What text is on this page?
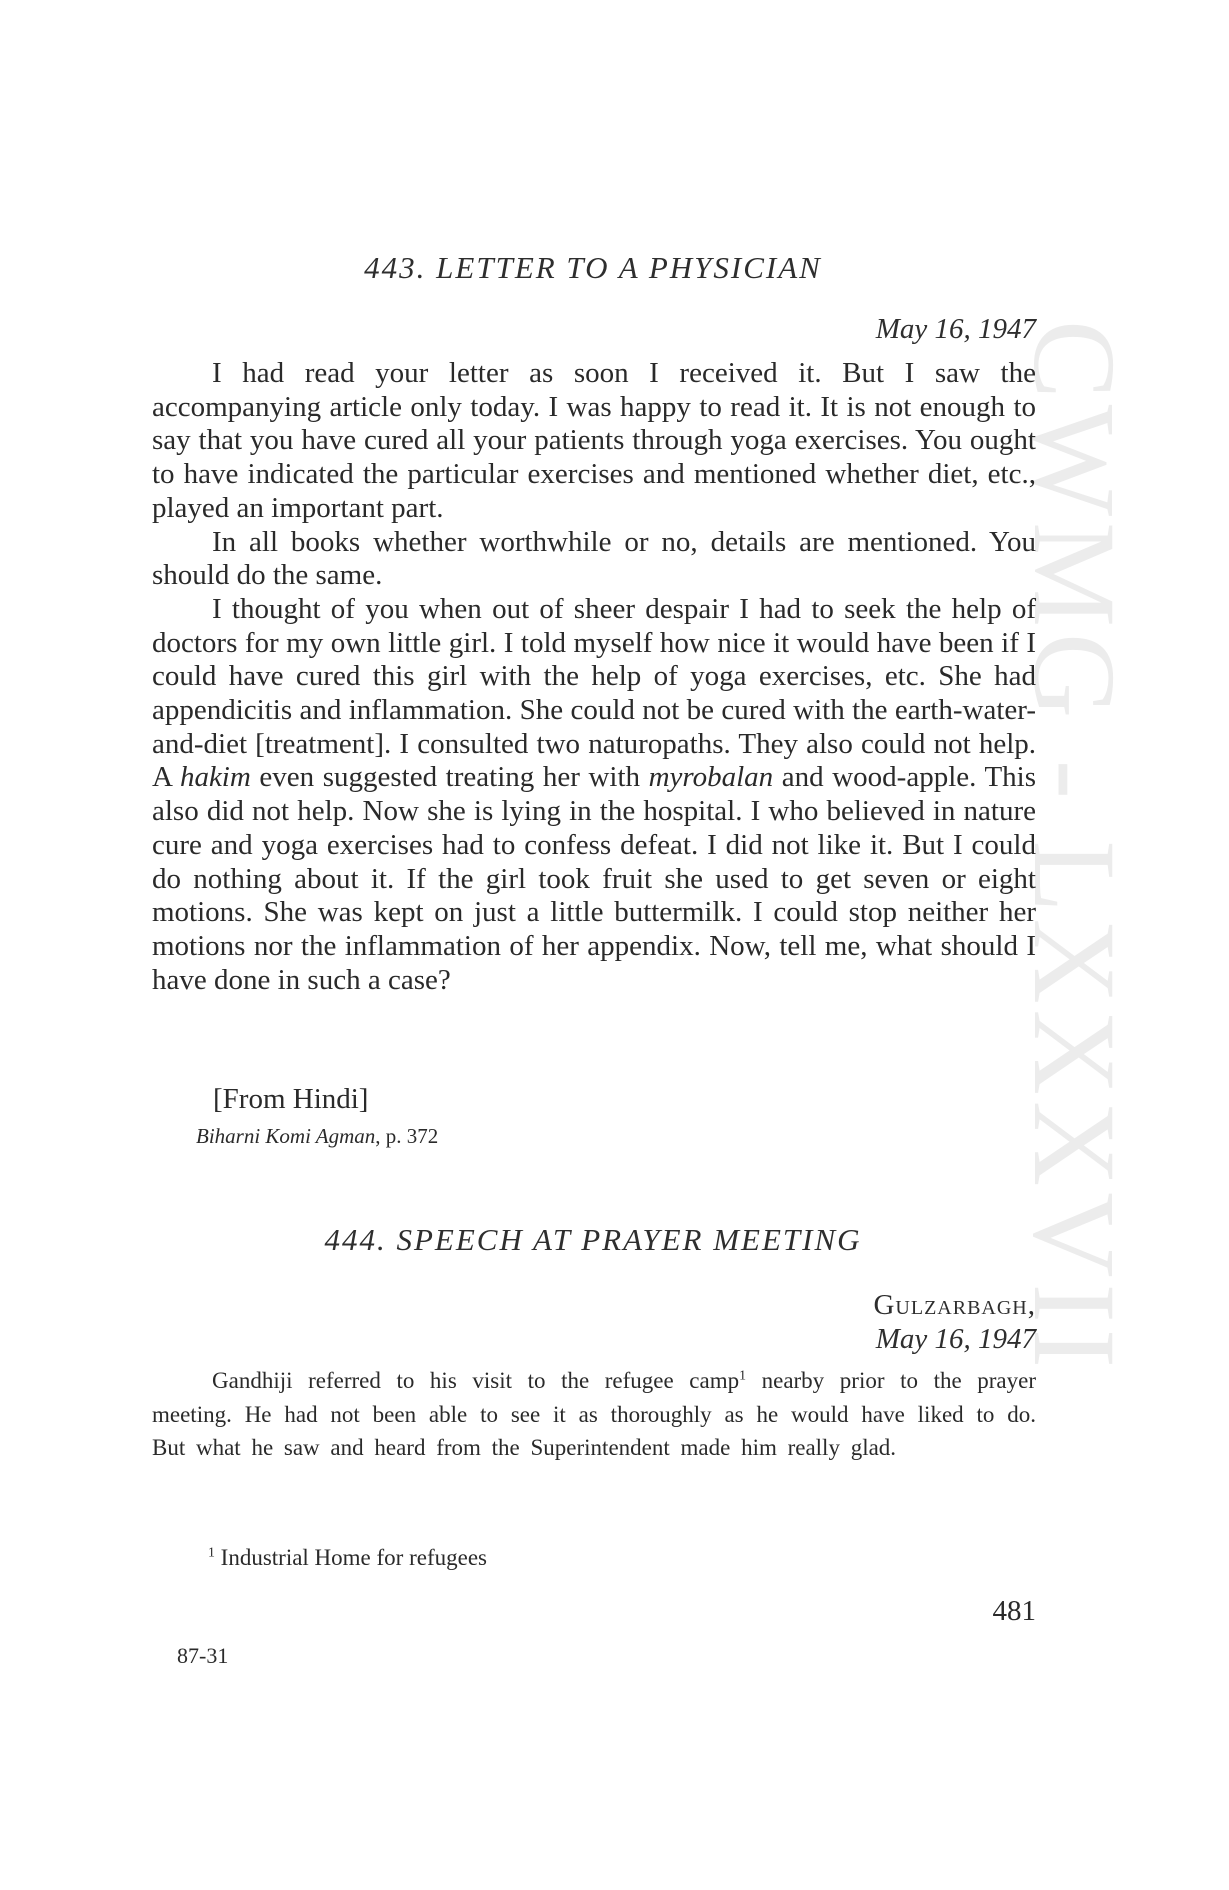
CWMG - LXXXVII
443. LETTER TO A PHYSICIAN
May 16, 1947

I had read your letter as soon I received it. But I saw the accompanying article only today. I was happy to read it. It is not enough to say that you have cured all your patients through yoga exercises. You ought to have indicated the particular exercises and mentioned whether diet, etc., played an important part.

In all books whether worthwhile or no, details are mentioned. You should do the same.

I thought of you when out of sheer despair I had to seek the help of doctors for my own little girl. I told myself how nice it would have been if I could have cured this girl with the help of yoga exercises, etc. She had appendicitis and inflammation. She could not be cured with the earth-water-and-diet [treatment]. I consulted two naturopaths. They also could not help. A hakim even suggested treating her with myrobalan and wood-apple. This also did not help. Now she is lying in the hospital. I who believed in nature cure and yoga exercises had to confess defeat. I did not like it. But I could do nothing about it. If the girl took fruit she used to get seven or eight motions. She was kept on just a little buttermilk. I could stop neither her motions nor the inflammation of her appendix. Now, tell me, what should I have done in such a case?

[From Hindi]
Biharni Komi Agman, p. 372
444. SPEECH AT PRAYER MEETING
Gulzarbagh,
May 16, 1947

Gandhiji referred to his visit to the refugee camp$^1$ nearby prior to the prayer meeting. He had not been able to see it as thoroughly as he would have liked to do. But what he saw and heard from the Superintendent made him really glad.

$^1$ Industrial Home for refugees
481
87-31
